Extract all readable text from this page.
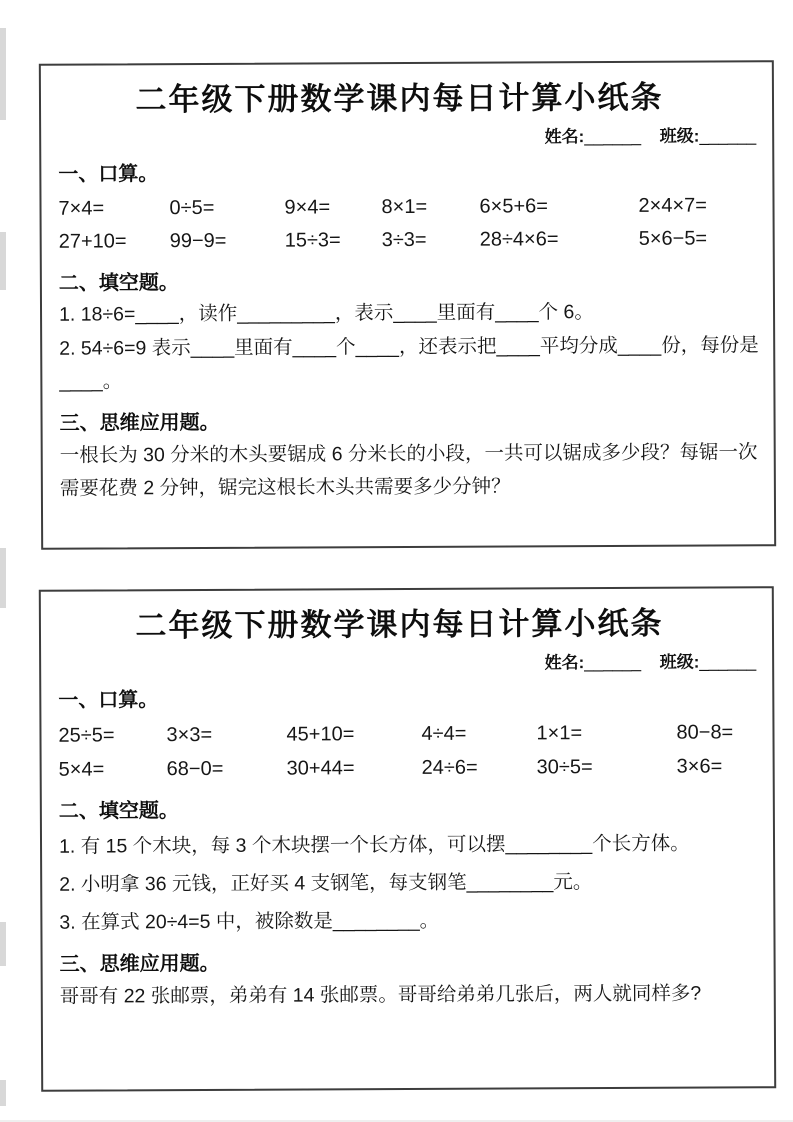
二年级下册数学课内每日计算小纸条
姓名:______ 班级:______
一、口算。
7×4=	0÷5=	9×4=	8×1=	6×5+6=	2×4×7=
27+10=	99−9=	15÷3=	3÷3=	28÷4×6=	5×6−5=
二、填空题。
1. 18÷6=____，读作_________，表示____里面有____个 6。
2. 54÷6=9 表示____里面有____个____，还表示把____平均分成____份，每份是____。
三、思维应用题。
一根长为 30 分米的木头要锯成 6 分米长的小段，一共可以锯成多少段？每锯一次需要花费 2 分钟，锯完这根长木头共需要多少分钟？
二年级下册数学课内每日计算小纸条
姓名:______ 班级:______
一、口算。
25÷5=	3×3=	45+10=	4÷4=	1×1=	80−8=
5×4=	68−0=	30+44=	24÷6=	30÷5=	3×6=
二、填空题。
1. 有 15 个木块，每 3 个木块摆一个长方体，可以摆________个长方体。
2. 小明拿 36 元钱，正好买 4 支钢笔，每支钢笔________元。
3. 在算式 20÷4=5 中，被除数是________。
三、思维应用题。
哥哥有 22 张邮票，弟弟有 14 张邮票。哥哥给弟弟几张后，两人就同样多?
